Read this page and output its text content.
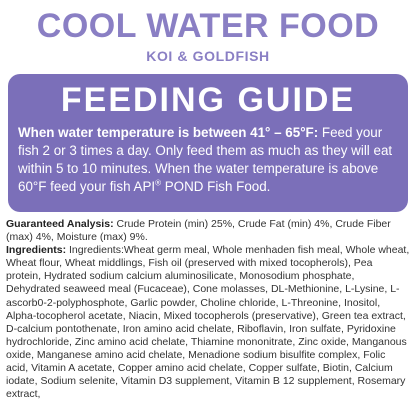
COOL WATER FOOD
KOI & GOLDFISH
FEEDING GUIDE
When water temperature is between 41° – 65°F: Feed your fish 2 or 3 times a day. Only feed them as much as they will eat within 5 to 10 minutes. When the water temperature is above 60°F feed your fish API® POND Fish Food.

Guaranteed Analysis: Crude Protein (min) 25%, Crude Fat (min) 4%, Crude Fiber (max) 4%, Moisture (max) 9%.

Ingredients: Ingredients:Wheat germ meal, Whole menhaden fish meal, Whole wheat, Wheat flour, Wheat middlings, Fish oil (preserved with mixed tocopherols), Pea protein, Hydrated sodium calcium aluminosilicate, Monosodium phosphate, Dehydrated seaweed meal (Fucaceae), Cone molasses, DL-Methionine, L-Lysine, L-ascorb0-2-polyphosphote, Garlic powder, Choline chloride, L-Threonine, Inositol, Alpha-tocopherol acetate, Niacin, Mixed tocopherols (preservative), Green tea extract, D-calcium pontothenate, Iron amino acid chelate, Riboflavin, Iron sulfate, Pyridoxine hydrochloride, Zinc amino acid chelate, Thiamine mononitrate, Zinc oxide, Manganous oxide, Manganese amino acid chelate, Menadione sodium bisulfite complex, Folic acid, Vitamin A acetate, Copper amino acid chelate, Copper sulfate, Biotin, Calcium iodate, Sodium selenite, Vitamin D3 supplement, Vitamin B 12 supplement, Rosemary extract,
